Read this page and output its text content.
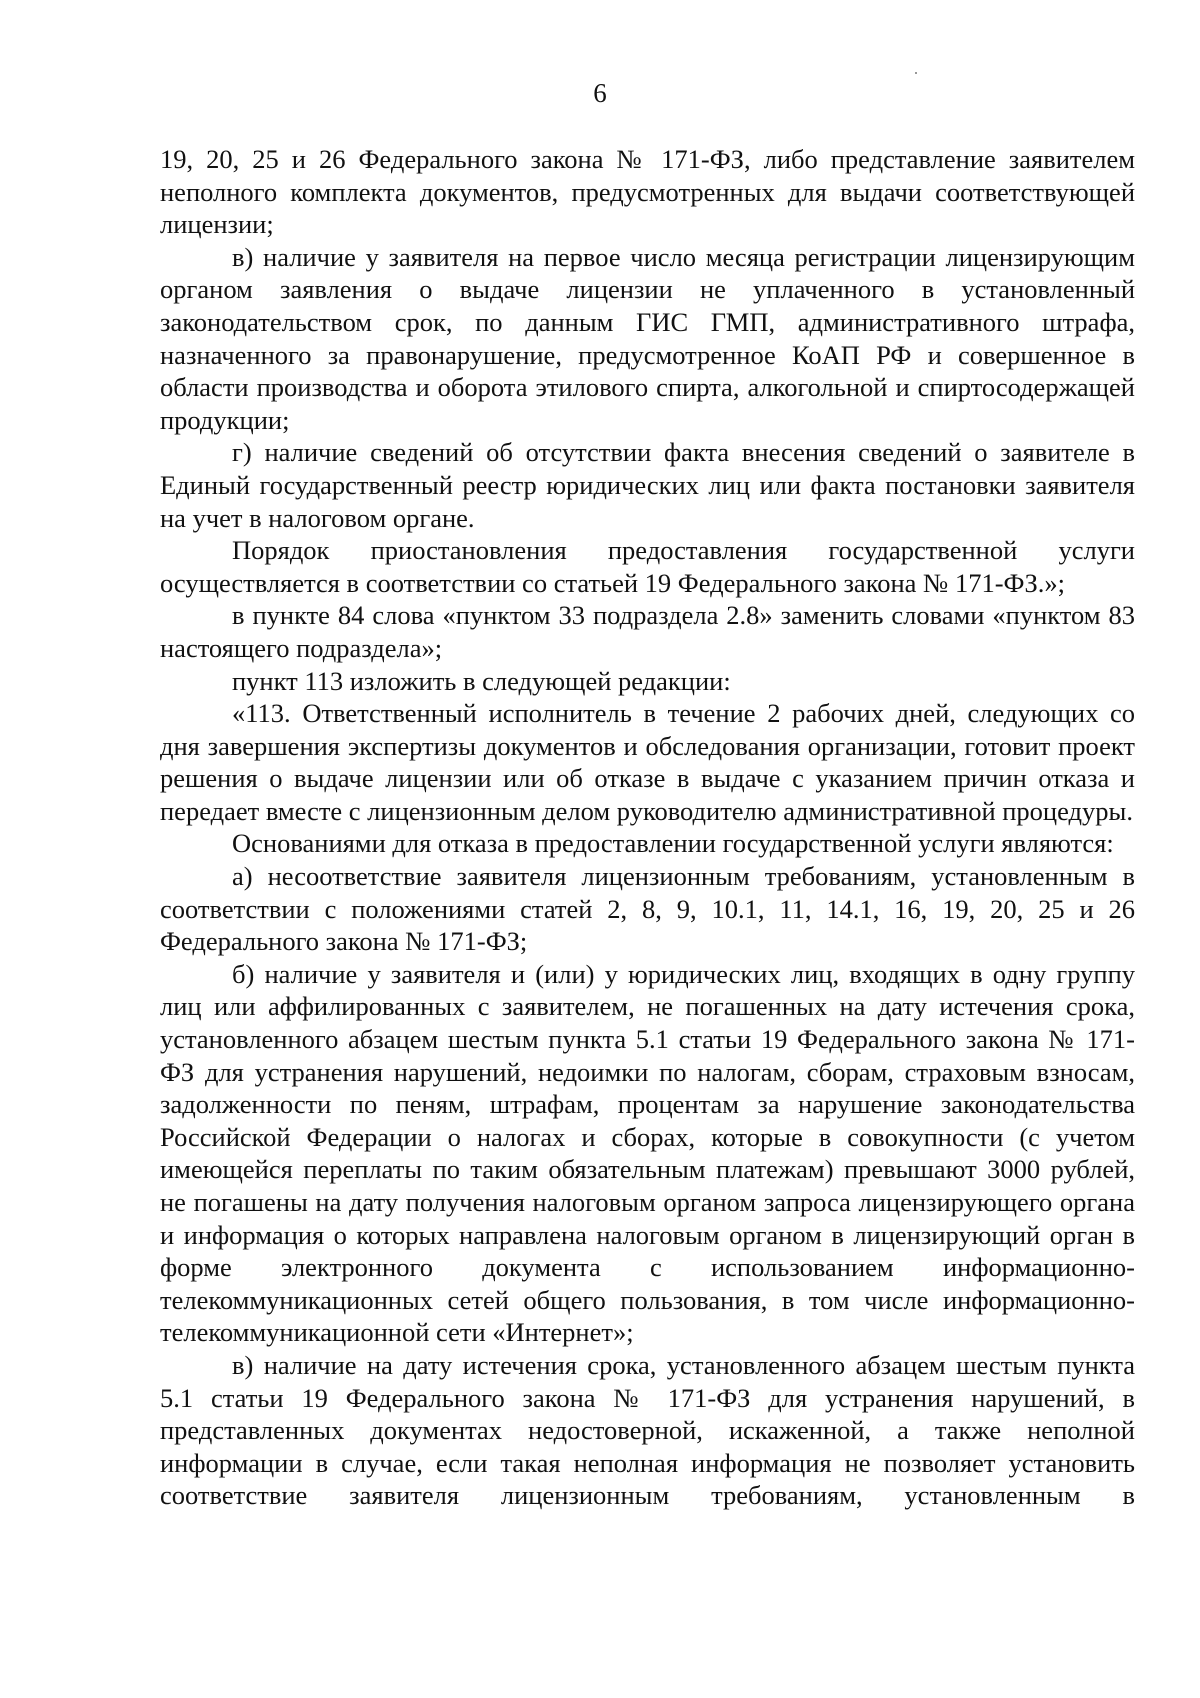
6

19, 20, 25 и 26 Федерального закона № 171-ФЗ, либо представление заявителем неполного комплекта документов, предусмотренных для выдачи соответствующей лицензии;

в) наличие у заявителя на первое число месяца регистрации лицензирующим органом заявления о выдаче лицензии не уплаченного в установленный законодательством срок, по данным ГИС ГМП, административного штрафа, назначенного за правонарушение, предусмотренное КоАП РФ и совершенное в области производства и оборота этилового спирта, алкогольной и спиртосодержащей продукции;

г) наличие сведений об отсутствии факта внесения сведений о заявителе в Единый государственный реестр юридических лиц или факта постановки заявителя на учет в налоговом органе.

Порядок приостановления предоставления государственной услуги осуществляется в соответствии со статьей 19 Федерального закона № 171-ФЗ.»;

в пункте 84 слова «пунктом 33 подраздела 2.8» заменить словами «пунктом 83 настоящего подраздела»;

пункт 113 изложить в следующей редакции:

«113. Ответственный исполнитель в течение 2 рабочих дней, следующих со дня завершения экспертизы документов и обследования организации, готовит проект решения о выдаче лицензии или об отказе в выдаче с указанием причин отказа и передает вместе с лицензионным делом руководителю административной процедуры.

Основаниями для отказа в предоставлении государственной услуги являются:

а) несоответствие заявителя лицензионным требованиям, установленным в соответствии с положениями статей 2, 8, 9, 10.1, 11, 14.1, 16, 19, 20, 25 и 26 Федерального закона № 171-ФЗ;

б) наличие у заявителя и (или) у юридических лиц, входящих в одну группу лиц или аффилированных с заявителем, не погашенных на дату истечения срока, установленного абзацем шестым пункта 5.1 статьи 19 Федерального закона № 171-ФЗ для устранения нарушений, недоимки по налогам, сборам, страховым взносам, задолженности по пеням, штрафам, процентам за нарушение законодательства Российской Федерации о налогах и сборах, которые в совокупности (с учетом имеющейся переплаты по таким обязательным платежам) превышают 3000 рублей, не погашены на дату получения налоговым органом запроса лицензирующего органа и информация о которых направлена налоговым органом в лицензирующий орган в форме электронного документа с использованием информационно-телекоммуникационных сетей общего пользования, в том числе информационно-телекоммуникационной сети «Интернет»;

в) наличие на дату истечения срока, установленного абзацем шестым пункта 5.1 статьи 19 Федерального закона № 171-ФЗ для устранения нарушений, в представленных документах недостоверной, искаженной, а также неполной информации в случае, если такая неполная информация не позволяет установить соответствие заявителя лицензионным требованиям, установленным в
